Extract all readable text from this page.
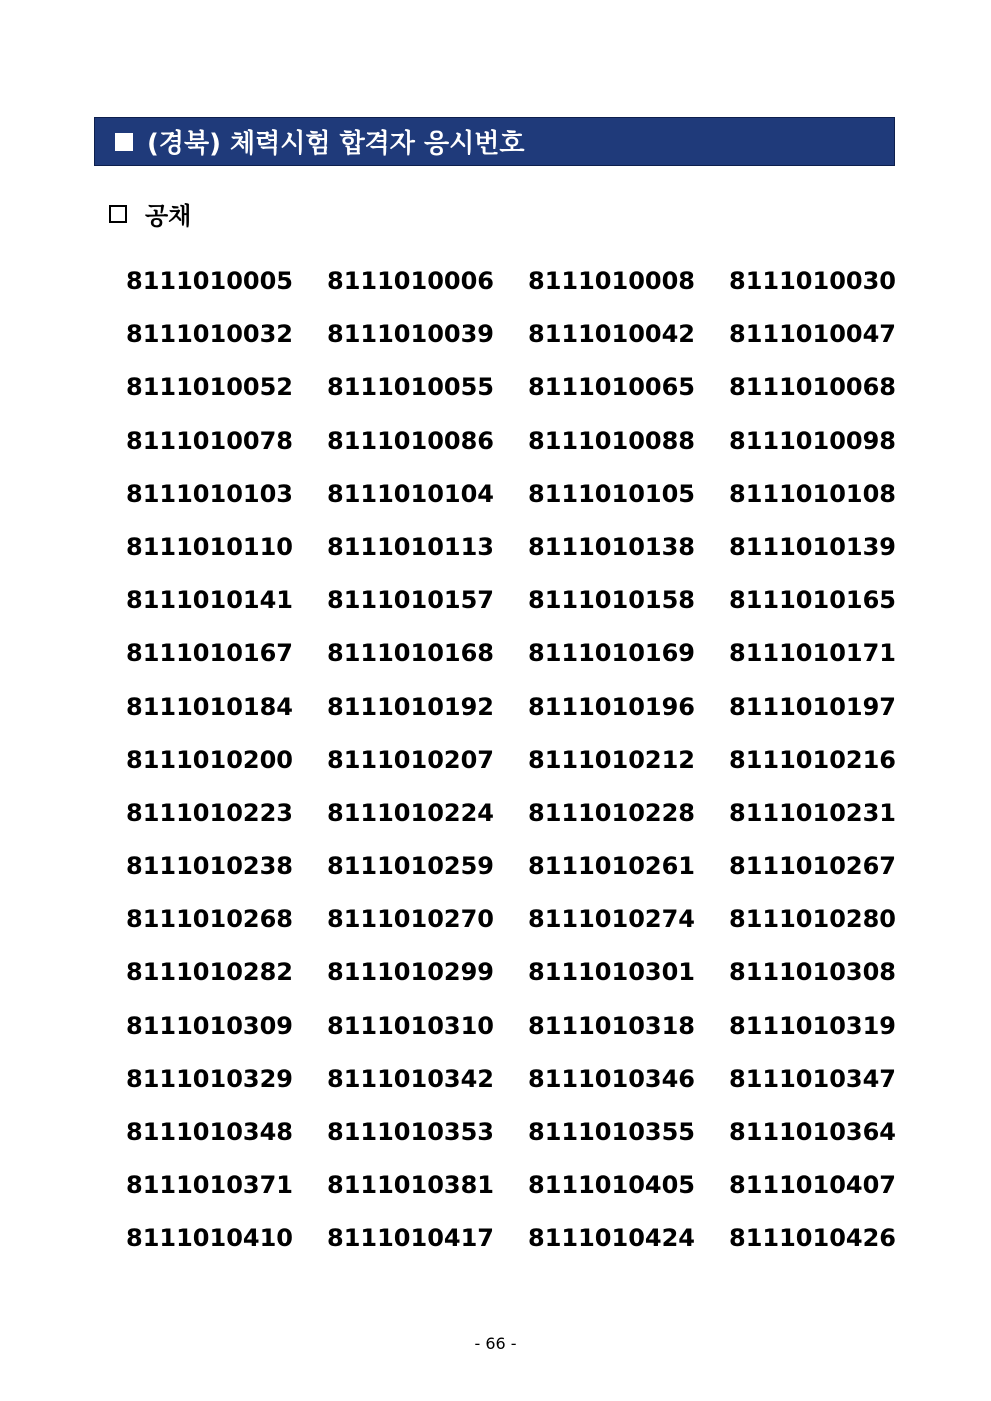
(경북) 체력시험 합격자 응시번호
공채
8111010005	8111010006	8111010008	8111010030
8111010032	8111010039	8111010042	8111010047
8111010052	8111010055	8111010065	8111010068
8111010078	8111010086	8111010088	8111010098
8111010103	8111010104	8111010105	8111010108
8111010110	8111010113	8111010138	8111010139
8111010141	8111010157	8111010158	8111010165
8111010167	8111010168	8111010169	8111010171
8111010184	8111010192	8111010196	8111010197
8111010200	8111010207	8111010212	8111010216
8111010223	8111010224	8111010228	8111010231
8111010238	8111010259	8111010261	8111010267
8111010268	8111010270	8111010274	8111010280
8111010282	8111010299	8111010301	8111010308
8111010309	8111010310	8111010318	8111010319
8111010329	8111010342	8111010346	8111010347
8111010348	8111010353	8111010355	8111010364
8111010371	8111010381	8111010405	8111010407
8111010410	8111010417	8111010424	8111010426
- 66 -
